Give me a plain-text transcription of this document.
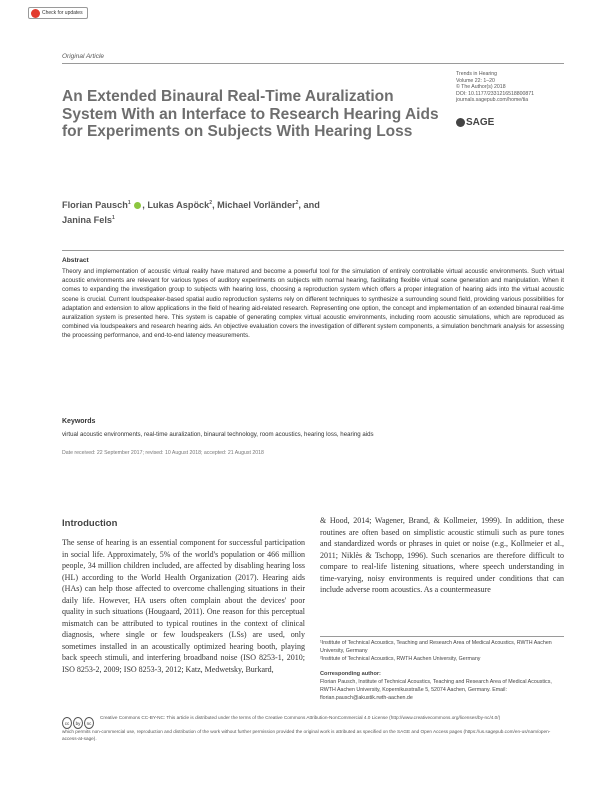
Check for updates
Original Article
An Extended Binaural Real-Time Auralization System With an Interface to Research Hearing Aids for Experiments on Subjects With Hearing Loss
Trends in Hearing
Volume 22: 1–20
© The Author(s) 2018
DOI: 10.1177/2331216518800871
journals.sagepub.com/home/tia
SAGE
Florian Pausch$^1$ , Lukas Aspöck$^2$, Michael Vorländer$^2$, and
Janina Fels$^1$
Abstract
Theory and implementation of acoustic virtual reality have matured and become a powerful tool for the simulation of entirely controllable virtual acoustic environments. Such virtual acoustic environments are relevant for various types of auditory experiments on subjects with normal hearing, facilitating flexible virtual scene generation and manipulation. When it comes to expanding the investigation group to subjects with hearing loss, choosing a reproduction system which offers a proper integration of hearing aids into the virtual acoustic scene is crucial. Current loudspeaker-based spatial audio reproduction systems rely on different techniques to synthesize a surrounding sound field, providing various possibilities for adaptation and extension to allow applications in the field of hearing aid-related research. Representing one option, the concept and implementation of an extended binaural real-time auralization system is presented here. This system is capable of generating complex virtual acoustic environments, including room acoustic simulations, which are reproduced as combined via loudspeakers and research hearing aids. An objective evaluation covers the investigation of different system components, a simulation benchmark analysis for assessing the processing performance, and end-to-end latency measurements.
Keywords
virtual acoustic environments, real-time auralization, binaural technology, room acoustics, hearing loss, hearing aids
Date received: 22 September 2017; revised: 10 August 2018; accepted: 21 August 2018
Introduction
The sense of hearing is an essential component for successful participation in social life. Approximately, 5% of the world's population or 466 million people, 34 million children included, are affected by disabling hearing loss (HL) according to the World Health Organization (2017). Hearing aids (HAs) can help those affected to overcome challenging situations in their daily life. However, HA users often complain about the devices' poor quality in such situations (Hougaard, 2011). One reason for this perceptual mismatch can be attributed to typical routines in the context of clinical diagnosis, where single or few loudspeakers (LSs) are used, only sometimes installed in an acoustically optimized hearing booth, playing back speech stimuli, and interfering broadband noise (ISO 8253-1, 2010; ISO 8253-2, 2009; ISO 8253-3, 2012; Katz, Medwetsky, Burkard,
& Hood, 2014; Wagener, Brand, & Kollmeier, 1999). In addition, these routines are often based on simplistic acoustic stimuli such as pure tones and standardized words or phrases in quiet or noise (e.g., Kollmeier et al., 2011; Niklès & Tschopp, 1996). Such scenarios are therefore difficult to compare to real-life listening situations, where speech understanding in time-varying, noisy environments is required under conditions that can include adverse room acoustics. As a countermeasure
¹Institute of Technical Acoustics, Teaching and Research Area of Medical Acoustics, RWTH Aachen University, Germany
²Institute of Technical Acoustics, RWTH Aachen University, Germany
Corresponding author:
Florian Pausch, Institute of Technical Acoustics, Teaching and Research Area of Medical Acoustics, RWTH Aachen University, Kopernikusstraße 5, 52074 Aachen, Germany. Email: florian.pausch@akustik.rwth-aachen.de
cc	by	nc
Creative Commons CC-BY-NC: This article is distributed under the terms of the Creative Commons Attribution-NonCommercial 4.0 License (http://www.creativecommons.org/licenses/by-nc/4.0/)
which permits non-commercial use, reproduction and distribution of the work without further permission provided the original work is attributed as specified on the SAGE and Open Access pages (https://us.sagepub.com/en-us/nam/open-access-at-sage).
